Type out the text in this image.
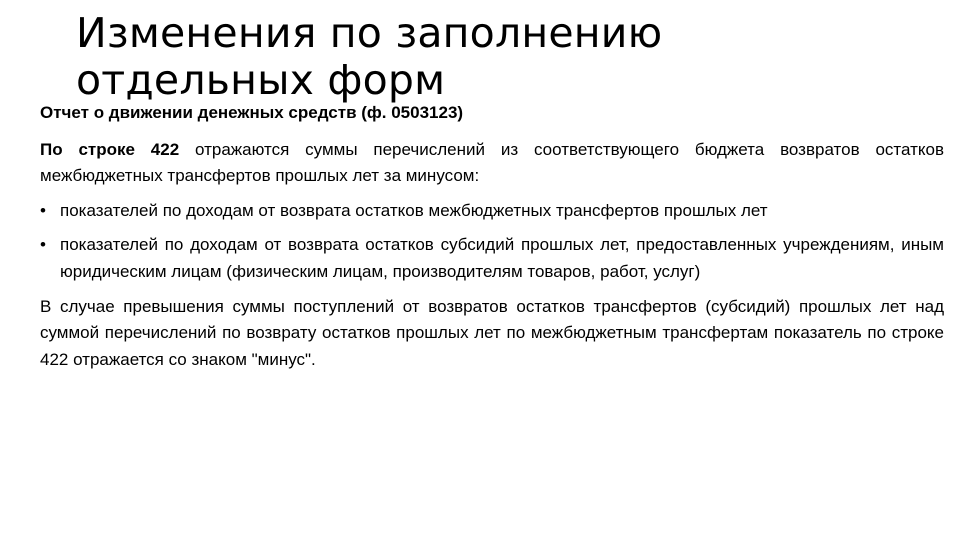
Изменения по заполнению
отдельных форм

Отчет о движении денежных средств (ф. 0503123)

По строке 422 отражаются суммы перечислений из соответствующего бюджета возвратов остатков межбюджетных трансфертов прошлых лет за минусом:

• показателей по доходам от возврата остатков межбюджетных трансфертов прошлых лет
• показателей по доходам от возврата остатков субсидий прошлых лет, предоставленных учреждениям, иным юридическим лицам (физическим лицам, производителям товаров, работ, услуг)

В случае превышения суммы поступлений от возвратов остатков трансфертов (субсидий) прошлых лет над суммой перечислений по возврату остатков прошлых лет по межбюджетным трансфертам показатель по строке 422 отражается со знаком "минус".
